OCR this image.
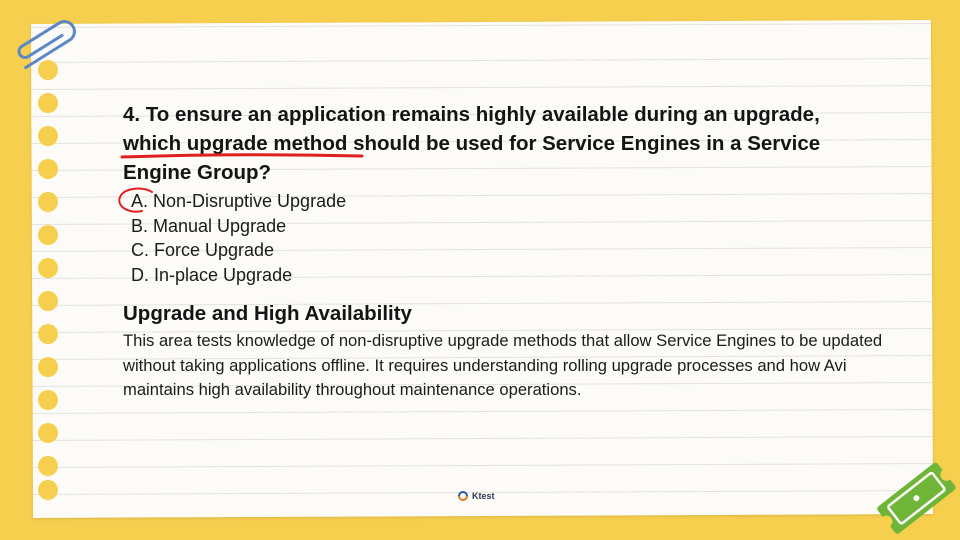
4. To ensure an application remains highly available during an upgrade, which upgrade method should be used for Service Engines in a Service Engine Group?

A. Non-Disruptive Upgrade
B. Manual Upgrade
C. Force Upgrade
D. In-place Upgrade
Upgrade and High Availability

This area tests knowledge of non-disruptive upgrade methods that allow Service Engines to be updated without taking applications offline. It requires understanding rolling upgrade processes and how Avi maintains high availability throughout maintenance operations.

Ktest
